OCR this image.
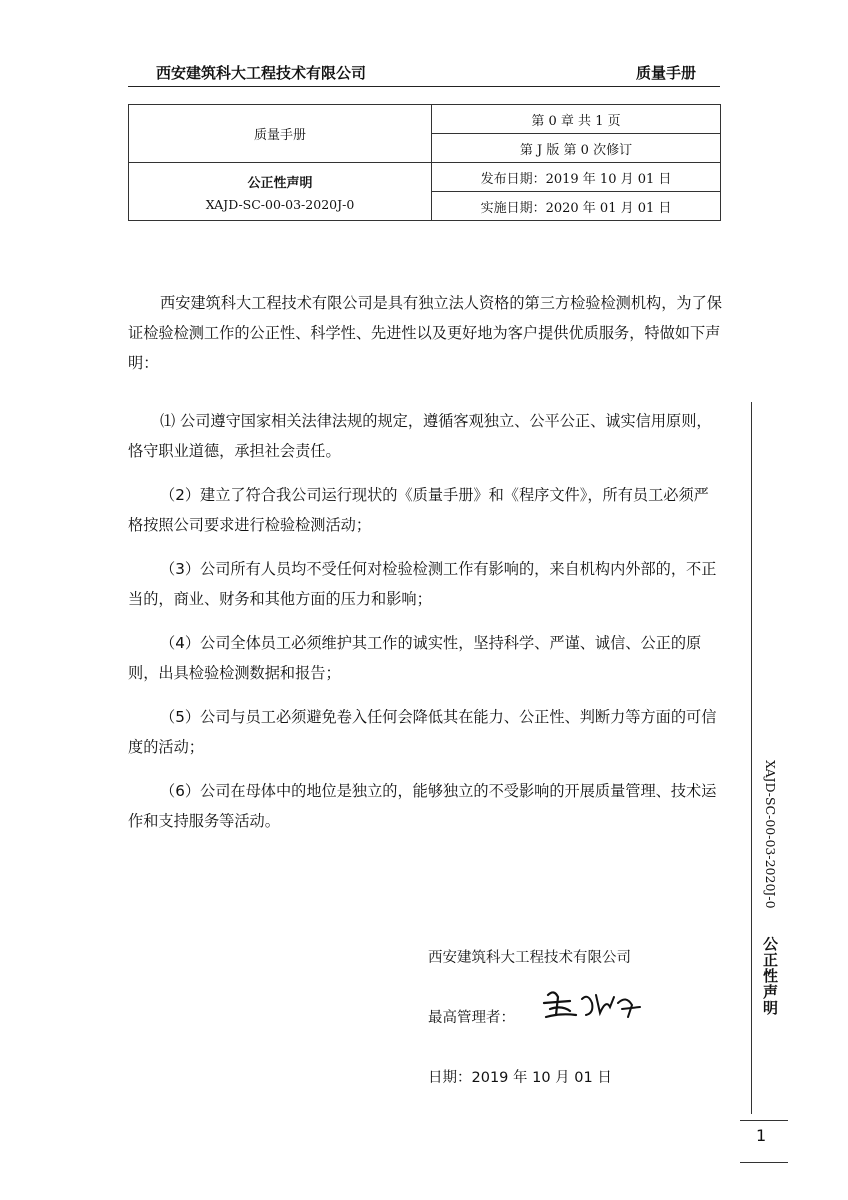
西安建筑科大工程技术有限公司	质量手册
质量手册	第 0 章 共 1 页
	第 J 版 第 0 次修订

公正性声明
XAJD-SC-00-03-2020J-0	发布日期：2019 年 10 月 01 日
	实施日期：2020 年 01 月 01 日

西安建筑科大工程技术有限公司是具有独立法人资格的第三方检验检测机构，为了保证检验检测工作的公正性、科学性、先进性以及更好地为客户提供优质服务，特做如下声明：

⑴ 公司遵守国家相关法律法规的规定，遵循客观独立、公平公正、诚实信用原则，恪守职业道德，承担社会责任。

（2）建立了符合我公司运行现状的《质量手册》和《程序文件》，所有员工必须严格按照公司要求进行检验检测活动；

（3）公司所有人员均不受任何对检验检测工作有影响的，来自机构内外部的，不正当的，商业、财务和其他方面的压力和影响；

（4）公司全体员工必须维护其工作的诚实性，坚持科学、严谨、诚信、公正的原则，出具检验检测数据和报告；

（5）公司与员工必须避免卷入任何会降低其在能力、公正性、判断力等方面的可信度的活动；

（6）公司在母体中的地位是独立的，能够独立的不受影响的开展质量管理、技术运作和支持服务等活动。

西安建筑科大工程技术有限公司
最高管理者：
日期：2019 年 10 月 01 日
XAJD-SC-00-03-2020J-0 公正性声明
1
